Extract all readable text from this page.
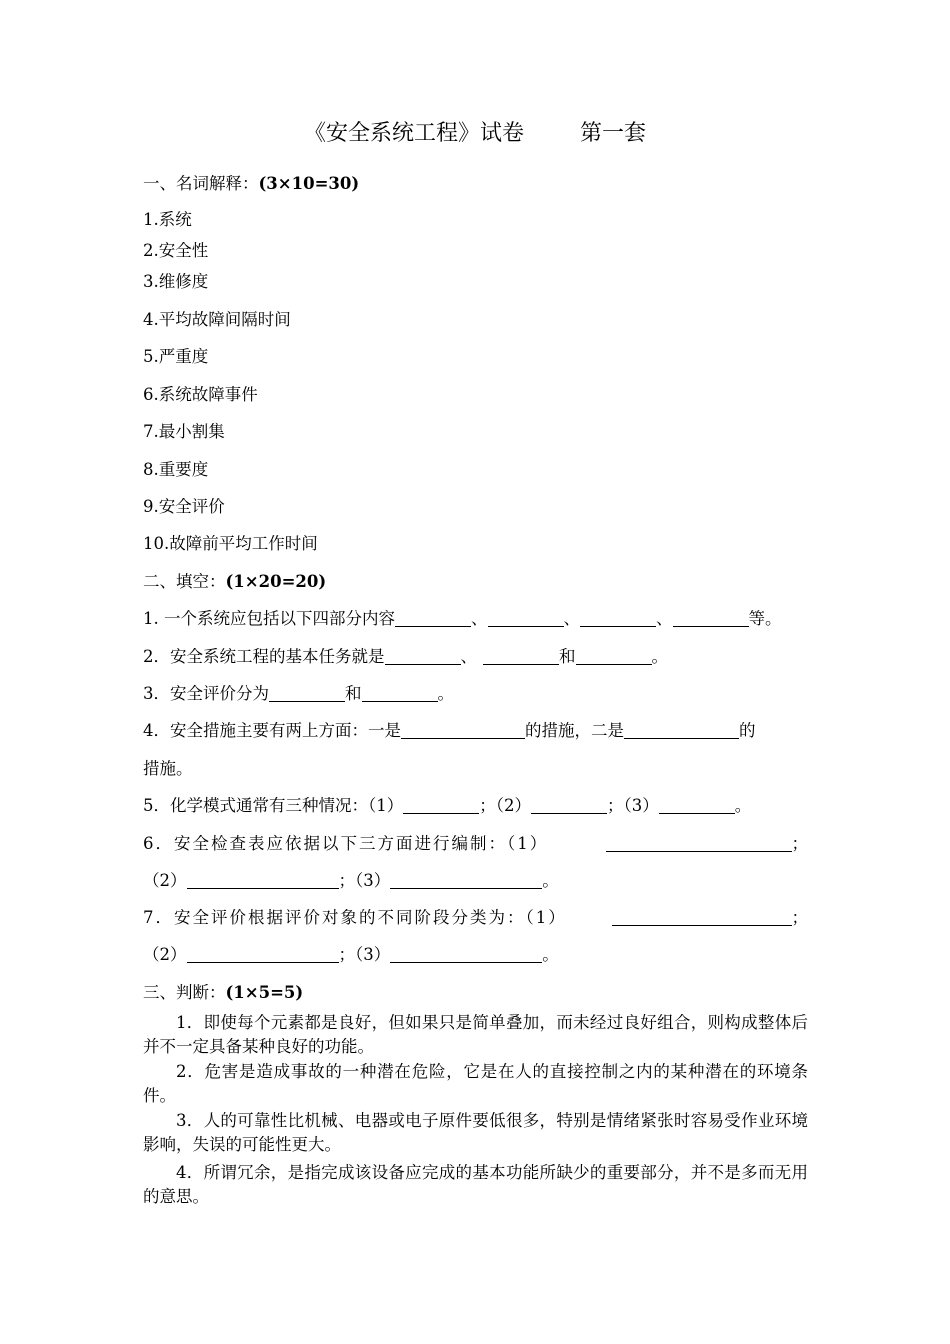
《安全系统工程》试卷        第一套
一、名词解释：(3×10=30)
1.系统
2.安全性
3.维修度
4.平均故障间隔时间
5.严重度
6.系统故障事件
7.最小割集
8.重要度
9.安全评价
10.故障前平均工作时间
二、填空：(1×20=20)
1. 一个系统应包括以下四部分内容	、	、	、	等。
2．安全系统工程的基本任务就是	、	和	。
3．安全评价分为	和	。
4．安全措施主要有两上方面：一是	的措施，二是	的
措施。
5．化学模式通常有三种情况：（1）	；（2）	；（3）	。
6．安全检查表应依据以下三方面进行编制：（1）	；
（2）	；（3）	。
7．安全评价根据评价对象的不同阶段分类为：（1）	；
（2）	；（3）	。
三、判断：(1×5=5)
1．即使每个元素都是良好，但如果只是简单叠加，而未经过良好组合，则构成整体后并不一定具备某种良好的功能。
2．危害是造成事故的一种潜在危险，它是在人的直接控制之内的某种潜在的环境条件。
3．人的可靠性比机械、电器或电子原件要低很多，特别是情绪紧张时容易受作业环境影响，失误的可能性更大。
4．所谓冗余，是指完成该设备应完成的基本功能所缺少的重要部分，并不是多而无用的意思。
